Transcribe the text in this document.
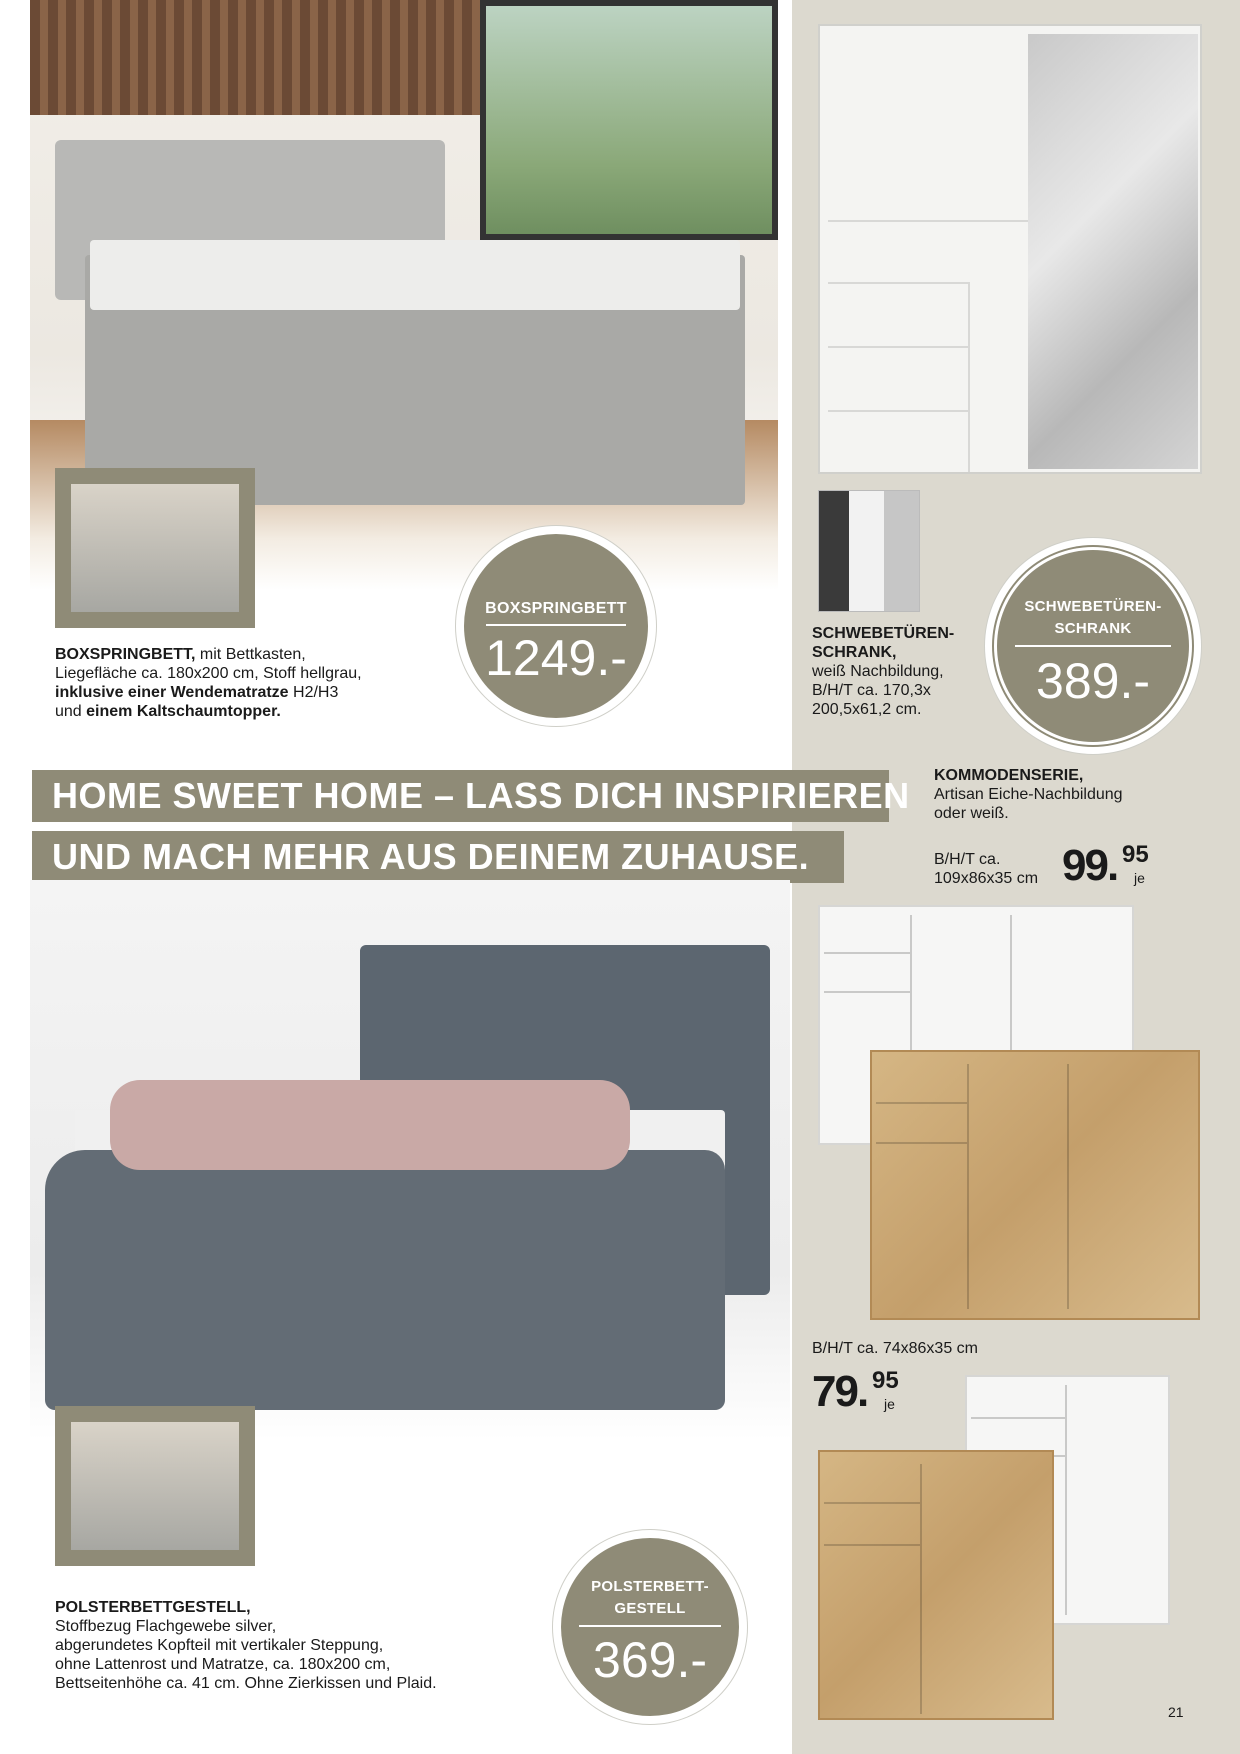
BOXSPRINGBETT
1249.-
BOXSPRINGBETT, mit Bettkasten,
Liegefläche ca. 180x200 cm, Stoff hellgrau,
inklusive einer Wendematratze H2/H3
und einem Kaltschaumtopper.
SCHWEBETÜREN-
SCHRANK,
weiß Nachbildung,
B/H/T ca. 170,3x
200,5x61,2 cm.
SCHWEBETÜREN-
SCHRANK
389.-
HOME SWEET HOME – LASS DICH INSPIRIEREN
UND MACH MEHR AUS DEINEM ZUHAUSE.
KOMMODENSERIE,
Artisan Eiche-Nachbildung
oder weiß.
B/H/T ca.
109x86x35 cm 99. 95
je
B/H/T ca. 74x86x35 cm
79. 95
je
POLSTERBETT-
GESTELL
369.-
POLSTERBETTGESTELL,
Stoffbezug Flachgewebe silver,
abgerundetes Kopfteil mit vertikaler Steppung,
ohne Lattenrost und Matratze, ca. 180x200 cm,
Bettseitenhöhe ca. 41 cm. Ohne Zierkissen und Plaid.
21
